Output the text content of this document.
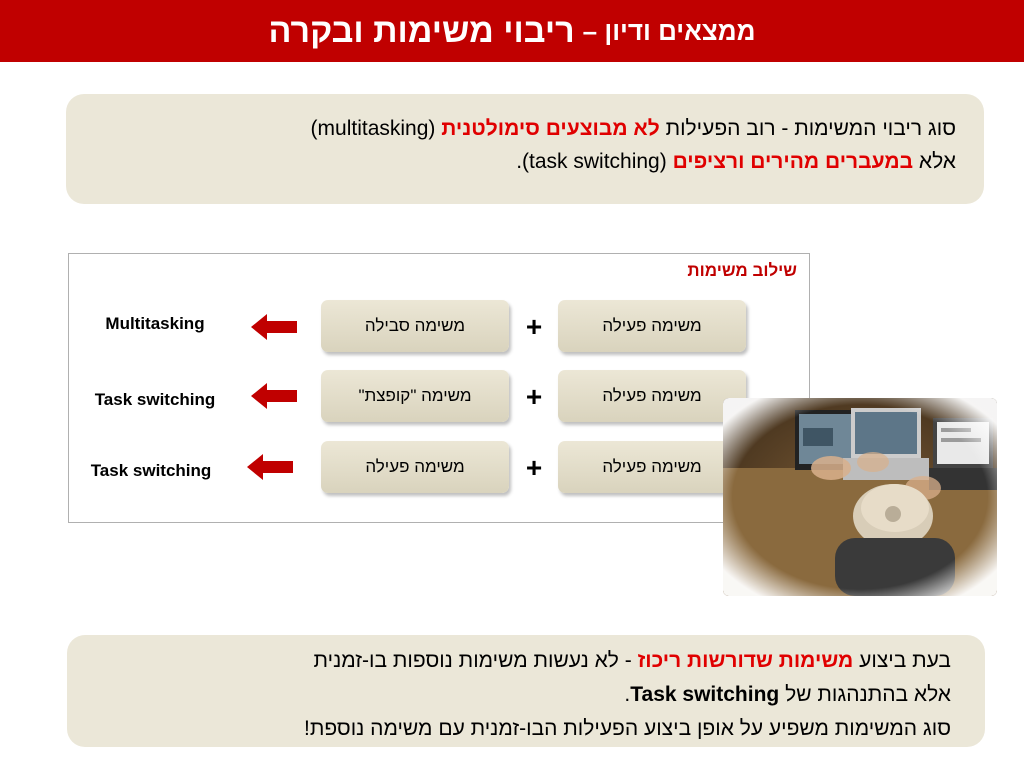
ממצאים ודיון –
ריבוי משימות ובקרה
סוג ריבוי המשימות - רוב הפעילות לא מבוצעים סימולטנית (multitasking)
אלא במעברים מהירים ורציפים (task switching).
שילוב משימות
משימה פעילה
+
משימה סבילה
Multitasking
משימה פעילה
+
משימה "קופצת"
Task switching
משימה פעילה
+
משימה פעילה
Task switching
בעת ביצוע משימות שדורשות ריכוז - לא נעשות משימות נוספות בו-זמנית
אלא בהתנהגות של Task switching.
סוג המשימות משפיע על אופן ביצוע הפעילות הבו-זמנית עם משימה נוספת!
